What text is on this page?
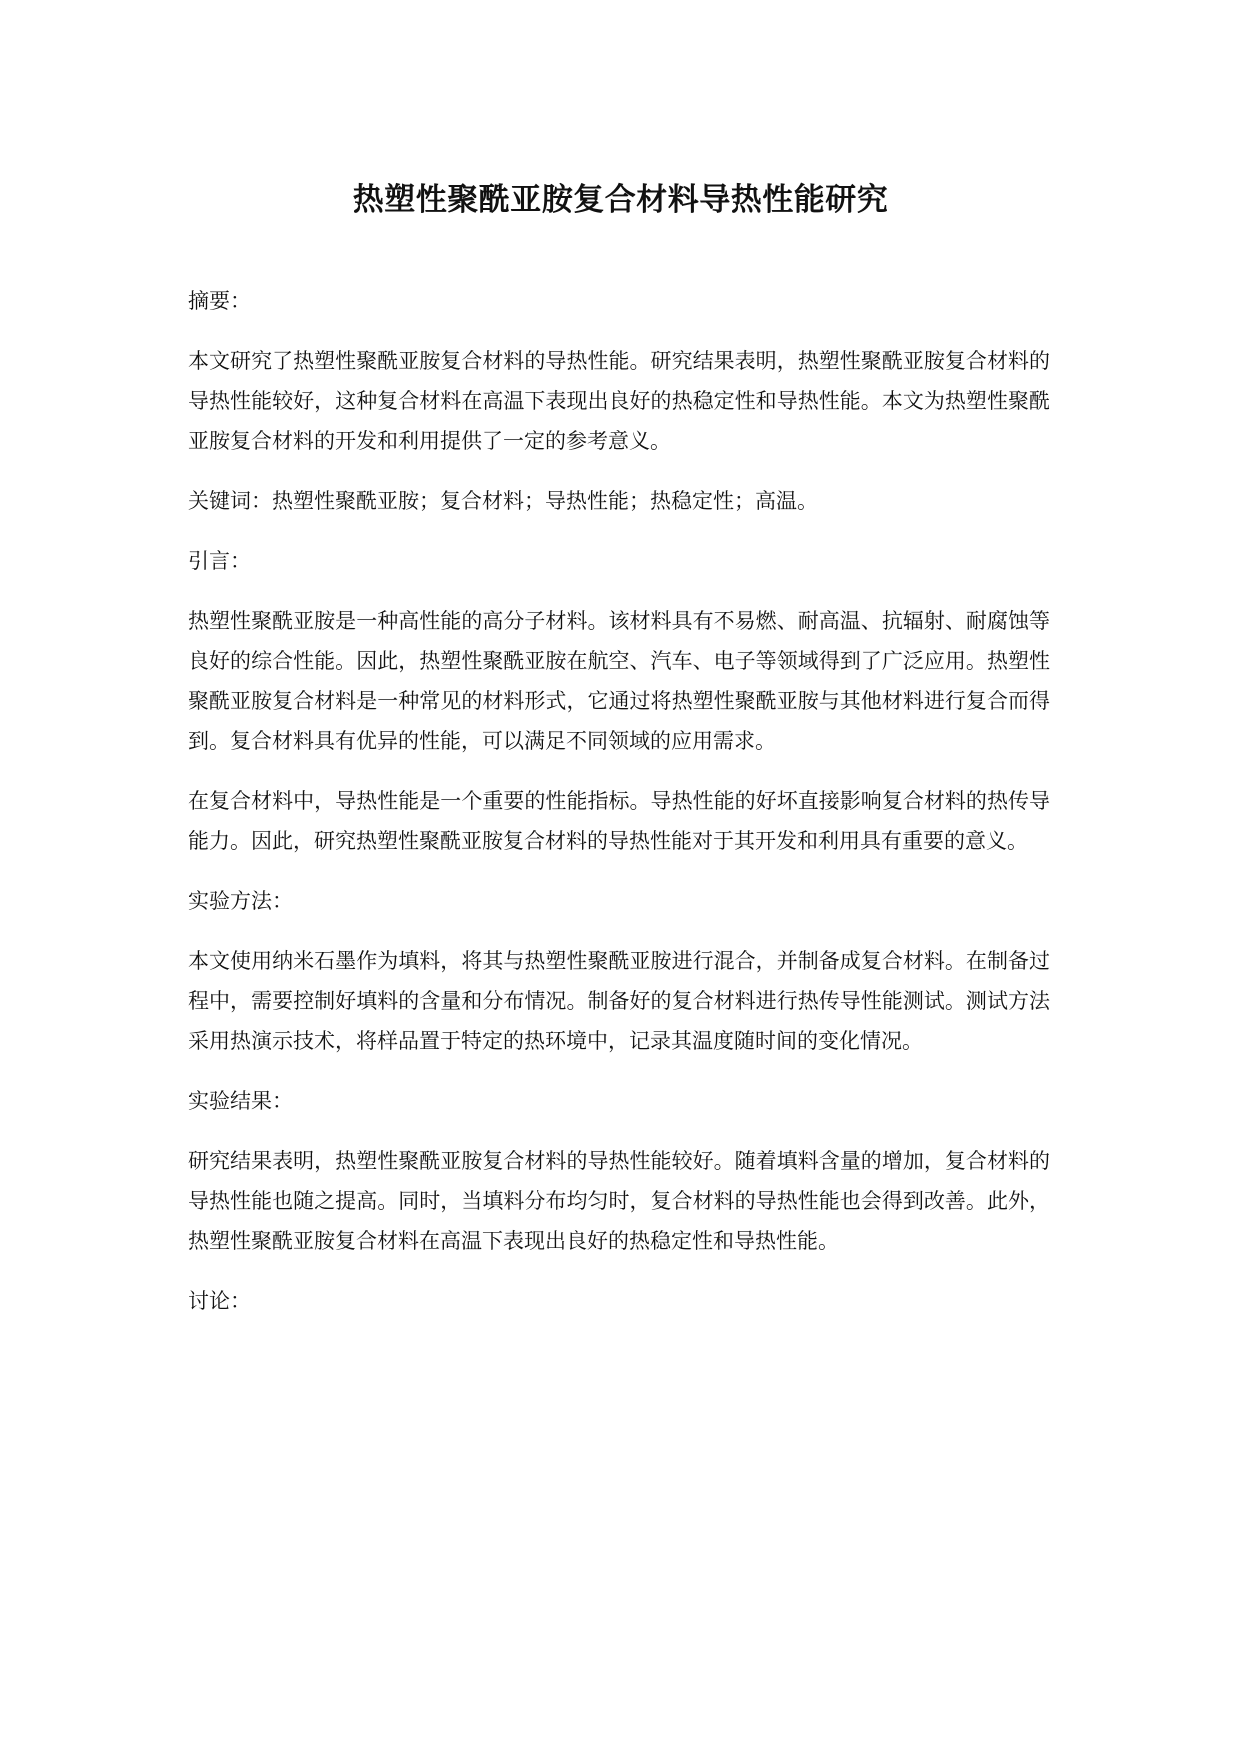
热塑性聚酰亚胺复合材料导热性能研究

摘要：

本文研究了热塑性聚酰亚胺复合材料的导热性能。研究结果表明，热塑性聚酰亚胺复合材料的导热性能较好，这种复合材料在高温下表现出良好的热稳定性和导热性能。本文为热塑性聚酰亚胺复合材料的开发和利用提供了一定的参考意义。

关键词：热塑性聚酰亚胺；复合材料；导热性能；热稳定性；高温。

引言：

热塑性聚酰亚胺是一种高性能的高分子材料。该材料具有不易燃、耐高温、抗辐射、耐腐蚀等良好的综合性能。因此，热塑性聚酰亚胺在航空、汽车、电子等领域得到了广泛应用。热塑性聚酰亚胺复合材料是一种常见的材料形式，它通过将热塑性聚酰亚胺与其他材料进行复合而得到。复合材料具有优异的性能，可以满足不同领域的应用需求。

在复合材料中，导热性能是一个重要的性能指标。导热性能的好坏直接影响复合材料的热传导能力。因此，研究热塑性聚酰亚胺复合材料的导热性能对于其开发和利用具有重要的意义。

实验方法：

本文使用纳米石墨作为填料，将其与热塑性聚酰亚胺进行混合，并制备成复合材料。在制备过程中，需要控制好填料的含量和分布情况。制备好的复合材料进行热传导性能测试。测试方法采用热演示技术，将样品置于特定的热环境中，记录其温度随时间的变化情况。

实验结果：

研究结果表明，热塑性聚酰亚胺复合材料的导热性能较好。随着填料含量的增加，复合材料的导热性能也随之提高。同时，当填料分布均匀时，复合材料的导热性能也会得到改善。此外，热塑性聚酰亚胺复合材料在高温下表现出良好的热稳定性和导热性能。

讨论：
